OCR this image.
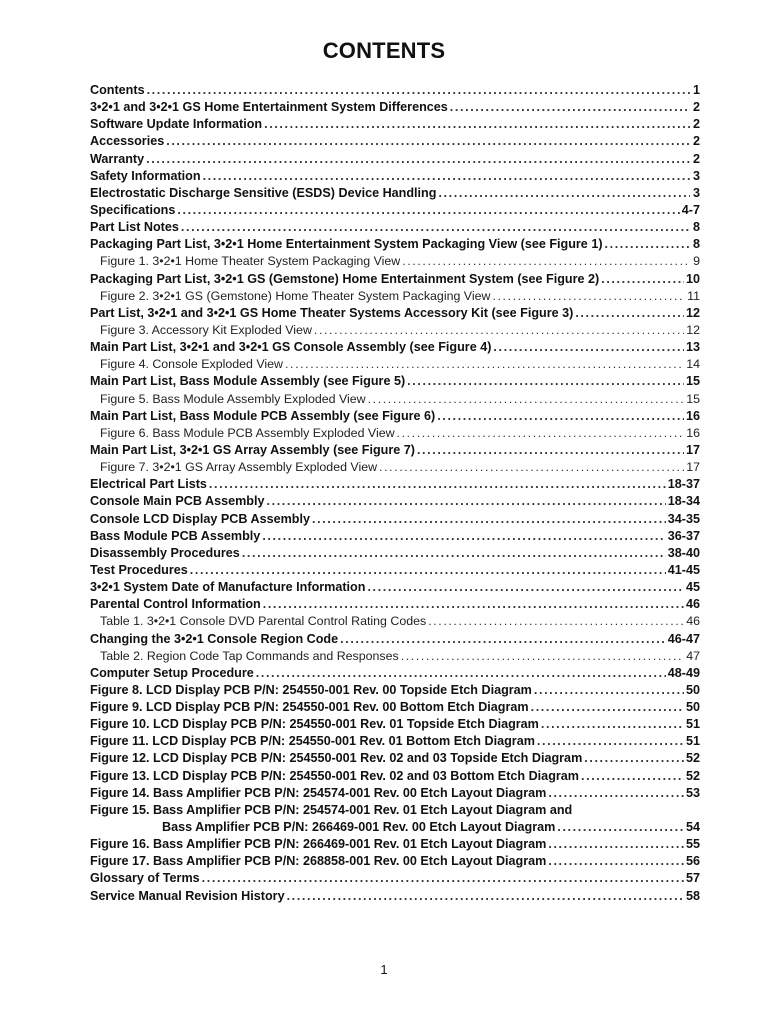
CONTENTS
Contents .....	1
3•2•1 and 3•2•1 GS Home Entertainment System Differences .....	2
Software Update Information .....	2
Accessories .....	2
Warranty .....	2
Safety Information .....	3
Electrostatic Discharge Sensitive (ESDS) Device Handling .....	3
Specifications .....	4-7
Part List Notes .....	8
Packaging Part List, 3•2•1 Home Entertainment System Packaging View (see Figure 1) .....	8
Figure 1. 3•2•1 Home Theater System Packaging View .....	9
Packaging Part List, 3•2•1 GS (Gemstone) Home Entertainment System (see Figure 2) .....	10
Figure 2. 3•2•1 GS (Gemstone) Home Theater System Packaging View .....	11
Part List, 3•2•1 and 3•2•1 GS Home Theater Systems Accessory Kit (see Figure 3) .....	12
Figure 3. Accessory Kit Exploded View .....	12
Main Part List, 3•2•1 and 3•2•1 GS Console Assembly (see Figure 4) .....	13
Figure 4. Console Exploded View .....	14
Main Part List, Bass Module Assembly (see Figure 5) .....	15
Figure 5. Bass Module Assembly Exploded View .....	15
Main Part List, Bass Module PCB Assembly (see Figure 6) .....	16
Figure 6. Bass Module PCB Assembly Exploded View .....	16
Main Part List, 3•2•1 GS Array Assembly (see Figure 7) .....	17
Figure 7. 3•2•1 GS Array Assembly Exploded View .....	17
Electrical Part Lists .....	18-37
Console Main PCB Assembly .....	18-34
Console LCD Display PCB Assembly .....	34-35
Bass Module PCB Assembly .....	36-37
Disassembly Procedures .....	38-40
Test Procedures .....	41-45
3•2•1 System Date of Manufacture Information .....	45
Parental Control Information .....	46
Table 1. 3•2•1 Console DVD Parental Control Rating Codes .....	46
Changing the 3•2•1 Console Region Code .....	46-47
Table 2. Region Code Tap Commands and Responses .....	47
Computer Setup Procedure .....	48-49
Figure 8. LCD Display PCB P/N: 254550-001 Rev. 00 Topside Etch Diagram .....	50
Figure 9. LCD Display PCB P/N: 254550-001 Rev. 00 Bottom Etch Diagram .....	50
Figure 10. LCD Display PCB P/N: 254550-001 Rev. 01 Topside Etch Diagram .....	51
Figure 11. LCD Display PCB P/N: 254550-001 Rev. 01 Bottom Etch Diagram .....	51
Figure 12. LCD Display PCB P/N: 254550-001 Rev. 02 and 03 Topside Etch Diagram .....	52
Figure 13. LCD Display PCB P/N: 254550-001 Rev. 02 and 03 Bottom Etch Diagram .....	52
Figure 14. Bass Amplifier PCB P/N: 254574-001 Rev. 00 Etch Layout Diagram .....	53
Figure 15. Bass Amplifier PCB P/N: 254574-001 Rev. 01 Etch Layout Diagram and
Bass Amplifier PCB P/N: 266469-001 Rev. 00 Etch Layout Diagram .....	54
Figure 16. Bass Amplifier PCB P/N: 266469-001 Rev. 01 Etch Layout Diagram .....	55
Figure 17. Bass Amplifier PCB P/N: 268858-001 Rev. 00 Etch Layout Diagram .....	56
Glossary of Terms .....	57
Service Manual Revision History .....	58
1
